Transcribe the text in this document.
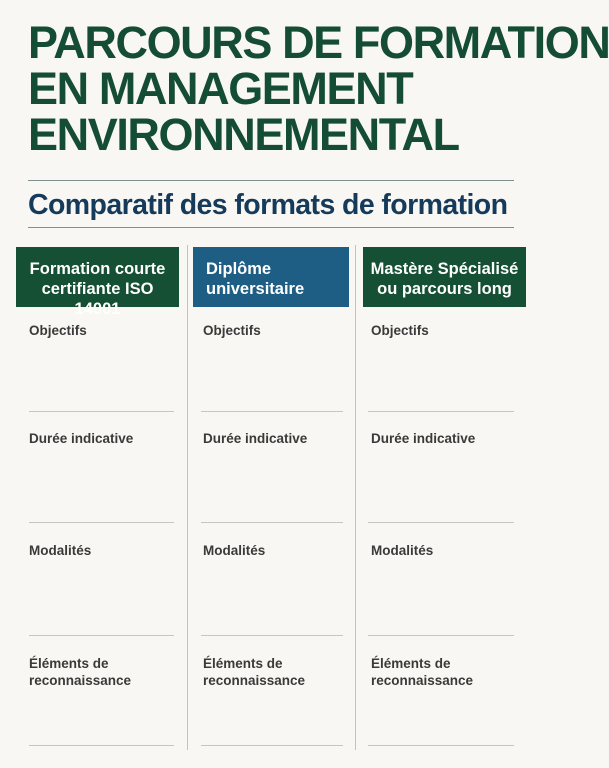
PARCOURS DE FORMATION
EN MANAGEMENT
ENVIRONNEMENTAL
Comparatif des formats de formation
Formation courte
certifiante ISO 14001

Objectifs

Durée indicative

Modalités

Éléments de reconnaissance

Diplôme
universitaire

Objectifs

Durée indicative

Modalités

Éléments de reconnaissance

Mastère Spécialisé
ou parcours long

Objectifs

Durée indicative

Modalités

Éléments de reconnaissance
